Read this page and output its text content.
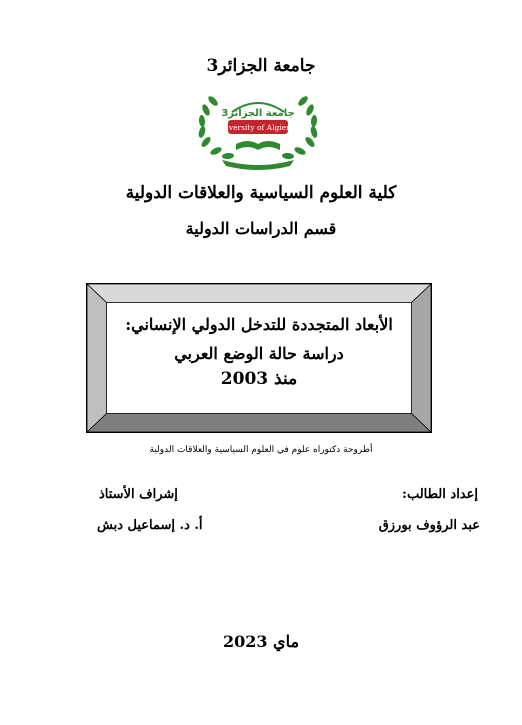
جامعة الجزائر3
University of Algiers 3
جامعة الجزائر3
كلية العلوم السياسية والعلاقات الدولية
قسم الدراسات الدولية
الأبعاد المتجددة للتدخل الدولي الإنساني:
دراسة حالة الوضع العربي
منذ 2003
أطروحة دكتوراه علوم في العلوم السياسية والعلاقات الدولية
إعداد الطالب:
عبد الرؤوف بورزق
إشراف الأستاذ
أ. د. إسماعيل دبش
ماي 2023
